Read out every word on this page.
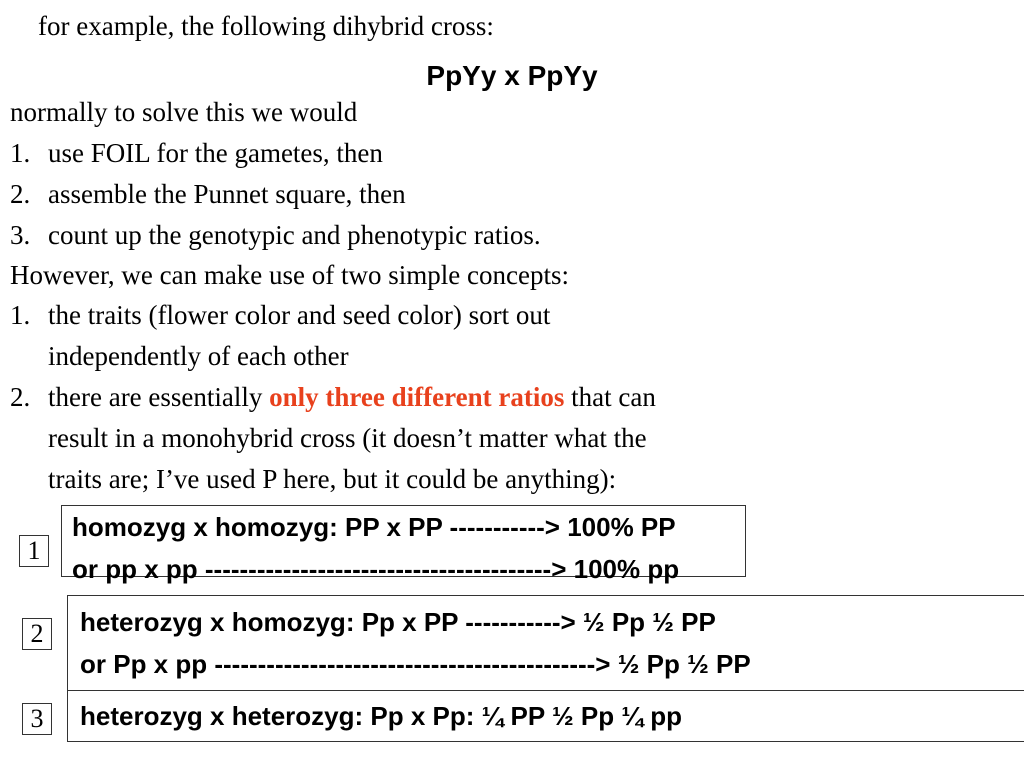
for example, the following dihybrid cross:
PpYy x PpYy
normally to solve this we would
1. use FOIL for the gametes, then
2. assemble the Punnet square, then
3. count up the genotypic and phenotypic ratios.
However, we can make use of two simple concepts:
1. the traits (flower color and seed color) sort out
independently of each other
2. there are essentially only three different ratios that can
result in a monohybrid cross (it doesn’t matter what the
traits are; I’ve used P here, but it could be anything):
1
homozyg x homozyg: PP x PP -----------> 100% PP
or pp x pp ----------------------------------------> 100% pp
2	heterozyg x homozyg: Pp x PP -----------> ½ Pp ½ PP
or Pp x pp --------------------------------------------> ½ Pp ½ PP
3	heterozyg x heterozyg: Pp x Pp: ¼ PP ½ Pp ¼ pp
